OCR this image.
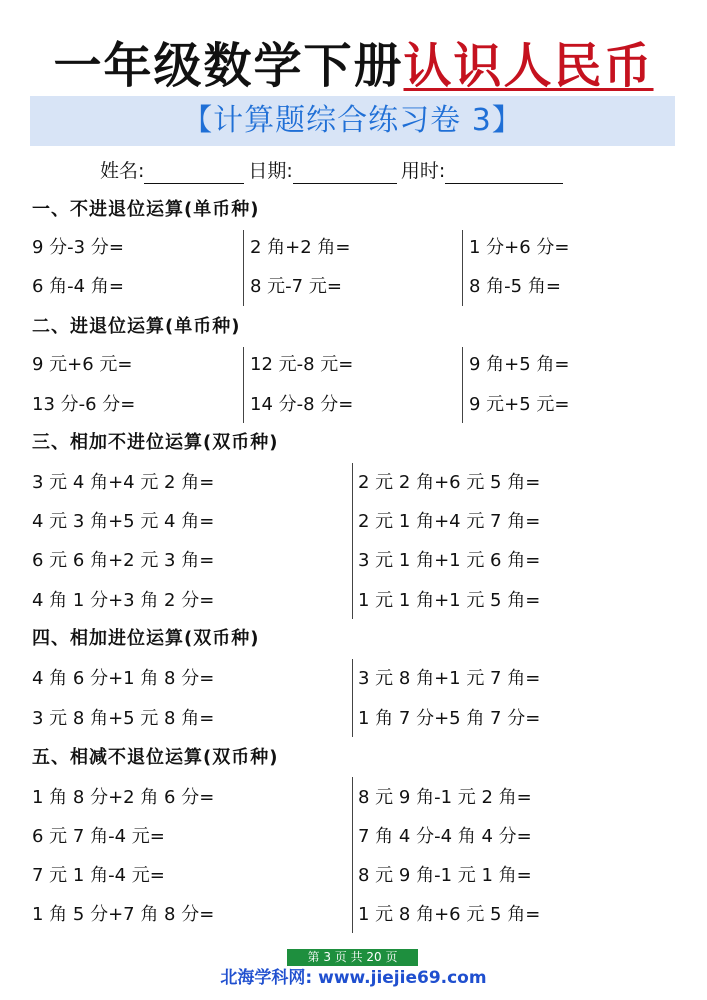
一年级数学下册认识人民币
【计算题综合练习卷 3】
姓名:	日期:	用时:
一、不进退位运算(单币种)
9 分-3 分=	2 角+2 角=	1 分+6 分=
6 角-4 角=	8 元-7 元=	8 角-5 角=
二、进退位运算(单币种)
9 元+6 元=	12 元-8 元=	9 角+5 角=
13 分-6 分=	14 分-8 分=	9 元+5 元=
三、相加不进位运算(双币种)
3 元 4 角+4 元 2 角=	2 元 2 角+6 元 5 角=
4 元 3 角+5 元 4 角=	2 元 1 角+4 元 7 角=
6 元 6 角+2 元 3 角=	3 元 1 角+1 元 6 角=
4 角 1 分+3 角 2 分=	1 元 1 角+1 元 5 角=
四、相加进位运算(双币种)
4 角 6 分+1 角 8 分=	3 元 8 角+1 元 7 角=
3 元 8 角+5 元 8 角=	1 角 7 分+5 角 7 分=
五、相减不退位运算(双币种)
1 角 8 分+2 角 6 分=	8 元 9 角-1 元 2 角=
6 元 7 角-4 元=	7 角 4 分-4 角 4 分=
7 元 1 角-4 元=	8 元 9 角-1 元 1 角=
1 角 5 分+7 角 8 分=	1 元 8 角+6 元 5 角=
第 3 页 共 20 页
北海学科网: www.jiejie69.com
